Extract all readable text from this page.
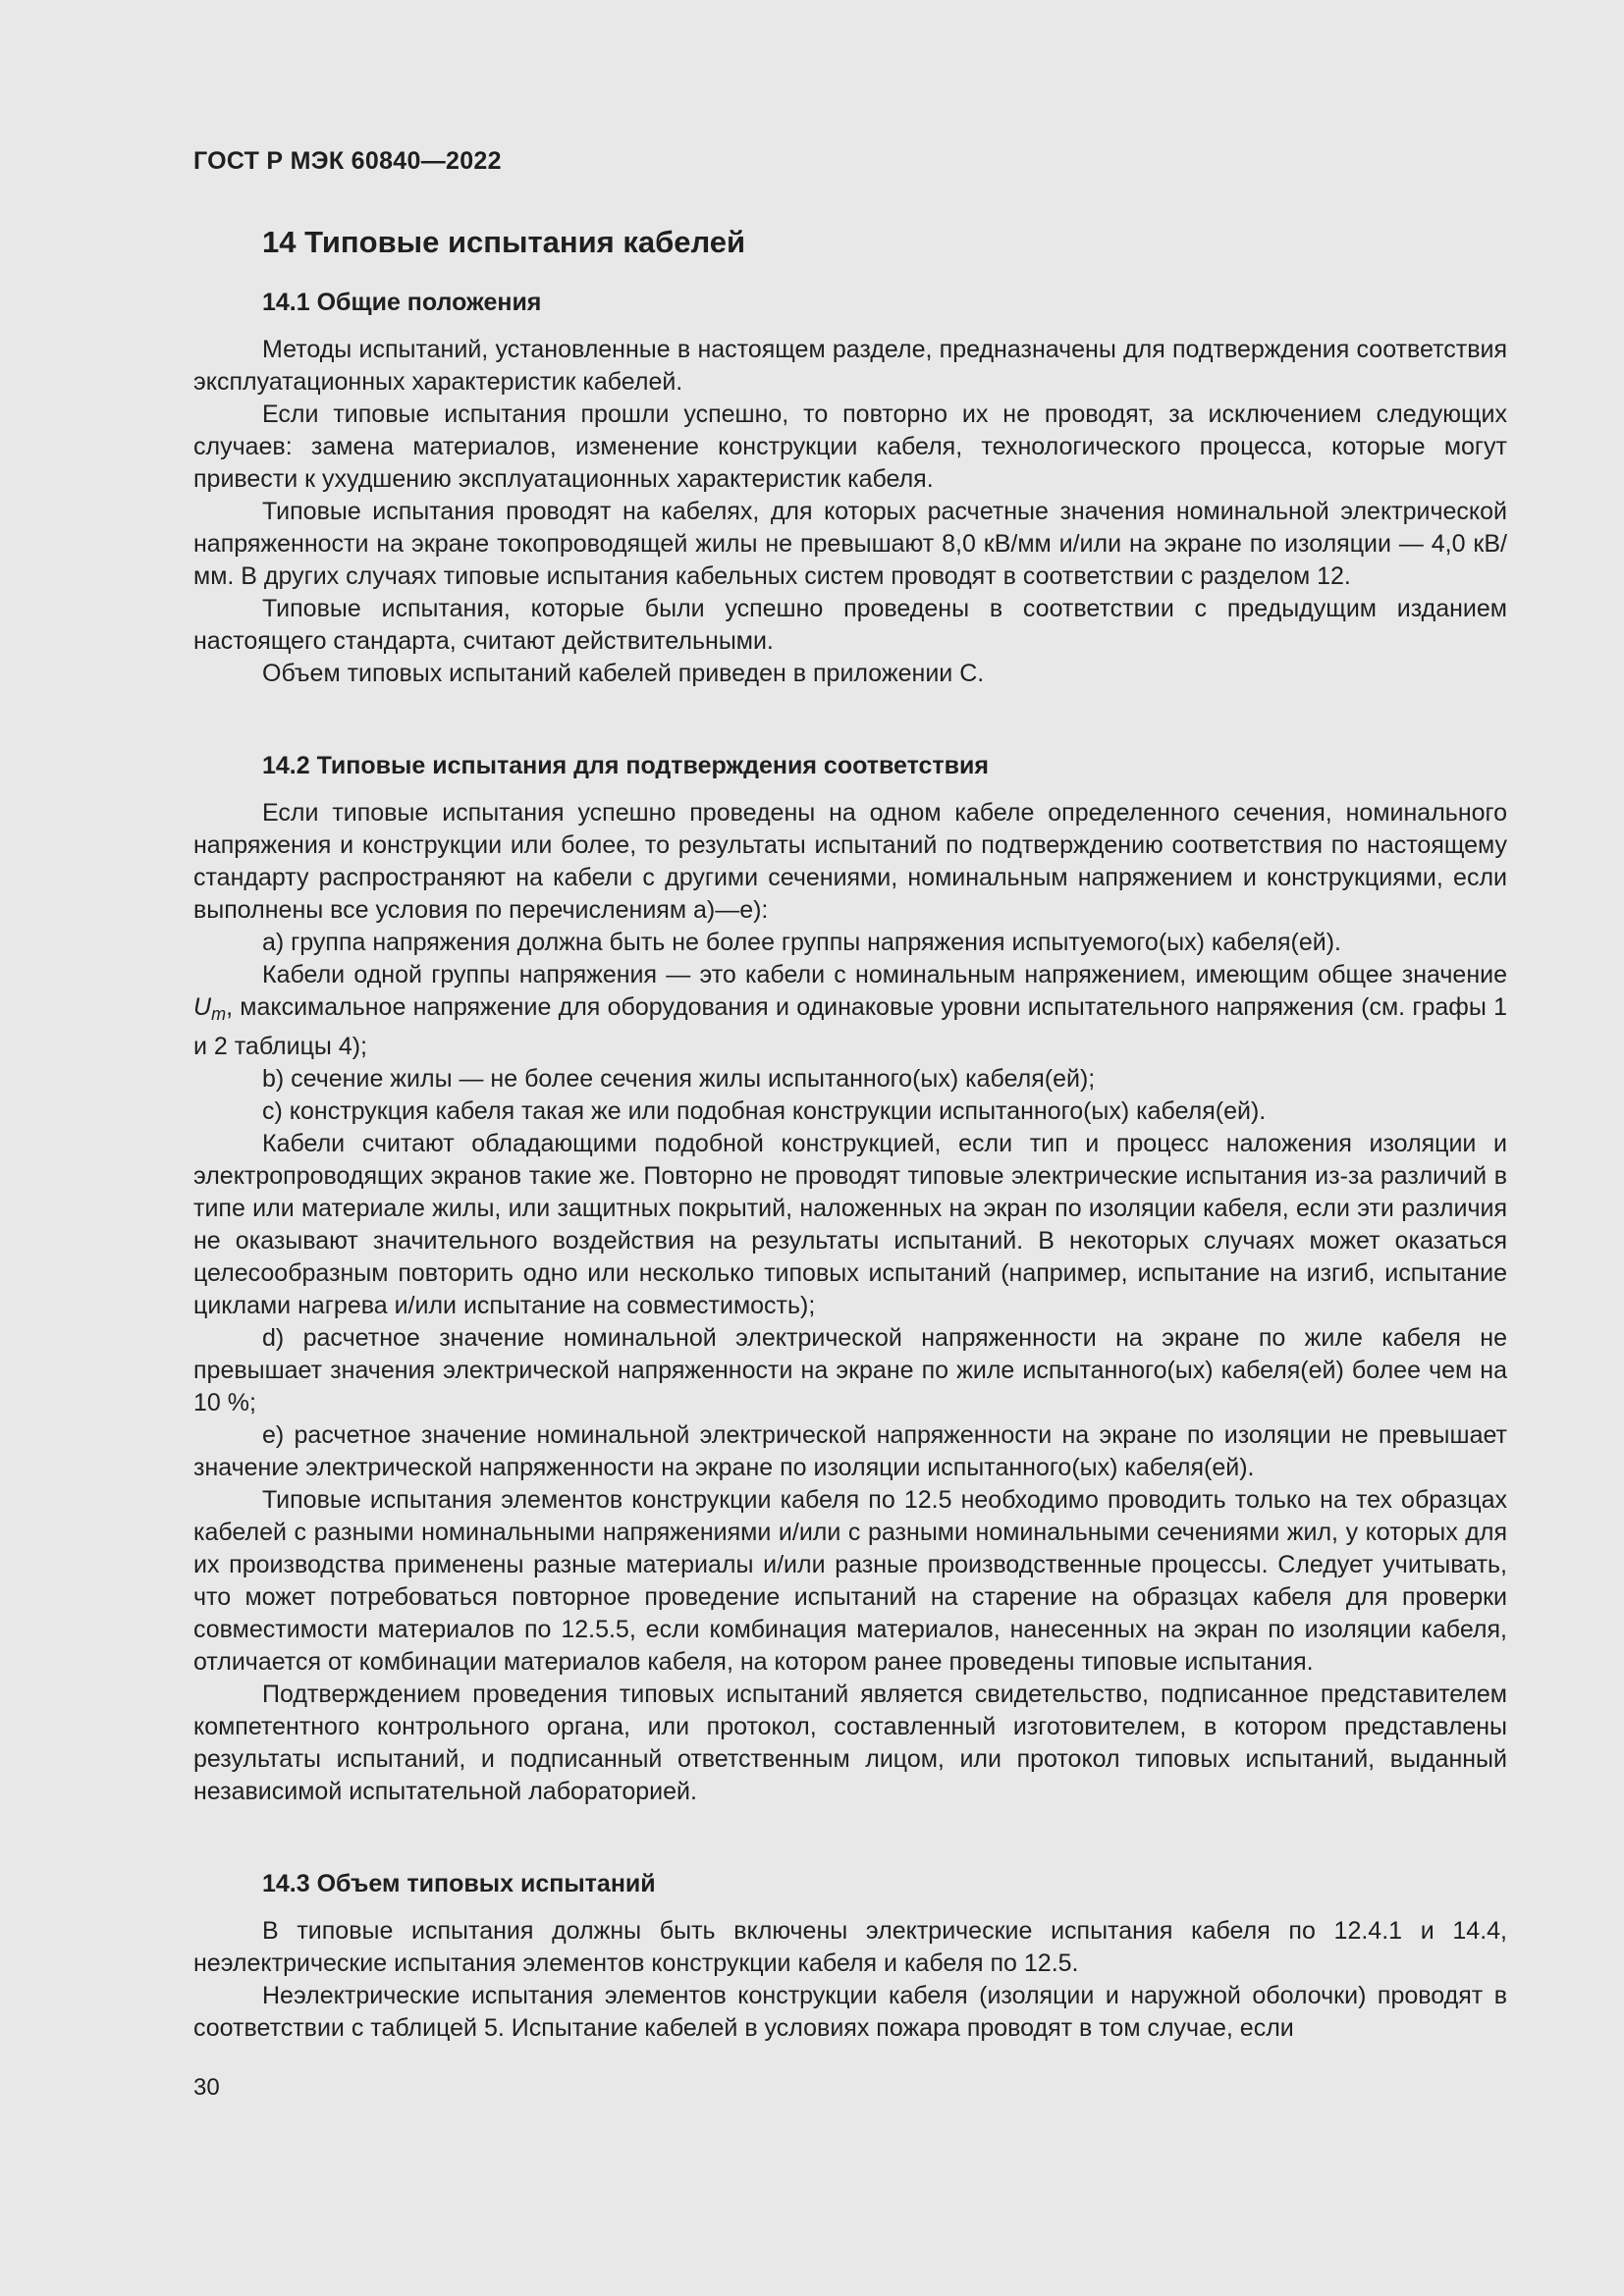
ГОСТ Р МЭК 60840—2022
14 Типовые испытания кабелей
14.1 Общие положения

Методы испытаний, установленные в настоящем разделе, предназначены для подтверждения соответствия эксплуатационных характеристик кабелей.

Если типовые испытания прошли успешно, то повторно их не проводят, за исключением следующих случаев: замена материалов, изменение конструкции кабеля, технологического процесса, которые могут привести к ухудшению эксплуатационных характеристик кабеля.

Типовые испытания проводят на кабелях, для которых расчетные значения номинальной электрической напряженности на экране токопроводящей жилы не превышают 8,0 кВ/мм и/или на экране по изоляции — 4,0 кВ/мм. В других случаях типовые испытания кабельных систем проводят в соответствии с разделом 12.

Типовые испытания, которые были успешно проведены в соответствии с предыдущим изданием настоящего стандарта, считают действительными.

Объем типовых испытаний кабелей приведен в приложении С.

14.2 Типовые испытания для подтверждения соответствия

Если типовые испытания успешно проведены на одном кабеле определенного сечения, номинального напряжения и конструкции или более, то результаты испытаний по подтверждению соответствия по настоящему стандарту распространяют на кабели с другими сечениями, номинальным напряжением и конструкциями, если выполнены все условия по перечислениям а)—е):

а) группа напряжения должна быть не более группы напряжения испытуемого(ых) кабеля(ей).

Кабели одной группы напряжения — это кабели с номинальным напряжением, имеющим общее значение $U_m$, максимальное напряжение для оборудования и одинаковые уровни испытательного напряжения (см. графы 1 и 2 таблицы 4);

b) сечение жилы — не более сечения жилы испытанного(ых) кабеля(ей);

с) конструкция кабеля такая же или подобная конструкции испытанного(ых) кабеля(ей).

Кабели считают обладающими подобной конструкцией, если тип и процесс наложения изоляции и электропроводящих экранов такие же. Повторно не проводят типовые электрические испытания из-за различий в типе или материале жилы, или защитных покрытий, наложенных на экран по изоляции кабеля, если эти различия не оказывают значительного воздействия на результаты испытаний. В некоторых случаях может оказаться целесообразным повторить одно или несколько типовых испытаний (например, испытание на изгиб, испытание циклами нагрева и/или испытание на совместимость);

d) расчетное значение номинальной электрической напряженности на экране по жиле кабеля не превышает значения электрической напряженности на экране по жиле испытанного(ых) кабеля(ей) более чем на 10 %;

е) расчетное значение номинальной электрической напряженности на экране по изоляции не превышает значение электрической напряженности на экране по изоляции испытанного(ых) кабеля(ей).

Типовые испытания элементов конструкции кабеля по 12.5 необходимо проводить только на тех образцах кабелей с разными номинальными напряжениями и/или с разными номинальными сечениями жил, у которых для их производства применены разные материалы и/или разные производственные процессы. Следует учитывать, что может потребоваться повторное проведение испытаний на старение на образцах кабеля для проверки совместимости материалов по 12.5.5, если комбинация материалов, нанесенных на экран по изоляции кабеля, отличается от комбинации материалов кабеля, на котором ранее проведены типовые испытания.

Подтверждением проведения типовых испытаний является свидетельство, подписанное представителем компетентного контрольного органа, или протокол, составленный изготовителем, в котором представлены результаты испытаний, и подписанный ответственным лицом, или протокол типовых испытаний, выданный независимой испытательной лабораторией.

14.3 Объем типовых испытаний

В типовые испытания должны быть включены электрические испытания кабеля по 12.4.1 и 14.4, неэлектрические испытания элементов конструкции кабеля и кабеля по 12.5.

Неэлектрические испытания элементов конструкции кабеля (изоляции и наружной оболочки) проводят в соответствии с таблицей 5. Испытание кабелей в условиях пожара проводят в том случае, если

30
